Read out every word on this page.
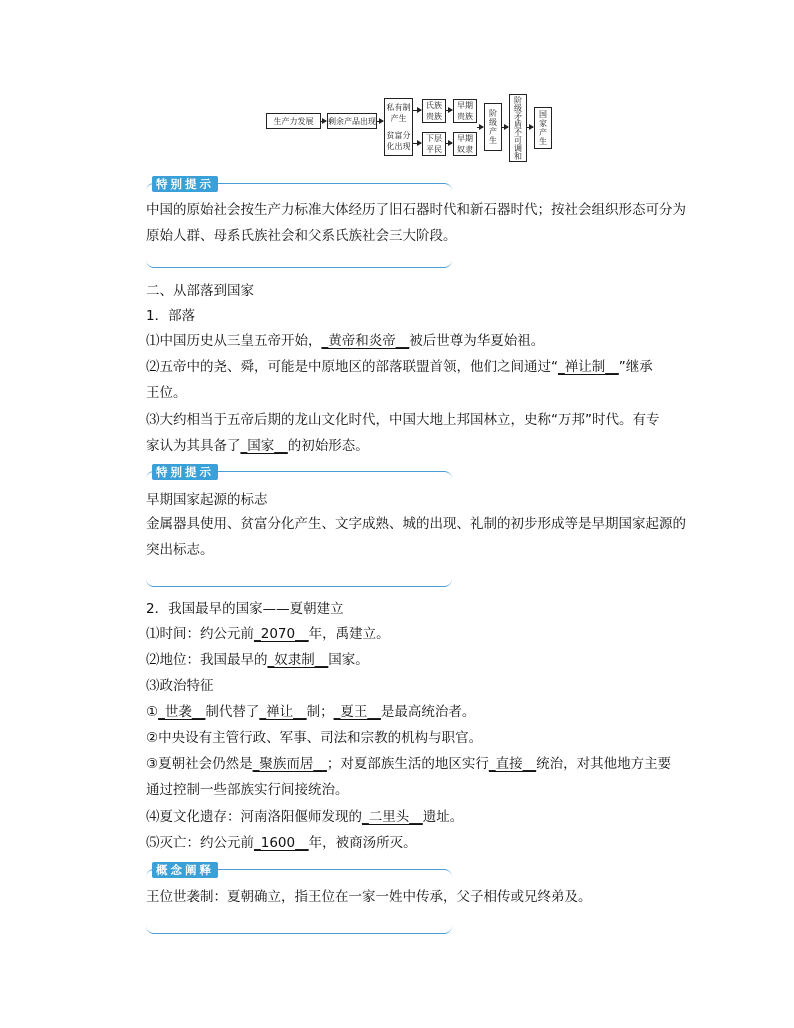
生产力发展	剩余产品出现
私有制产生
贫富分化出现
氏族贵族
下层平民
早期贵族
早期奴隶
阶级产生 阶级矛盾不可调和 国家产生
特别提示
中国的原始社会按生产力标准大体经历了旧石器时代和新石器时代；按社会组织形态可分为原始人群、母系氏族社会和父系氏族社会三大阶段。
二、从部落到国家
1．部落
⑴中国历史从三皇五帝开始，_黄帝和炎帝__被后世尊为华夏始祖。
⑵五帝中的尧、舜，可能是中原地区的部落联盟首领，他们之间通过“_禅让制__”继承
王位。
⑶大约相当于五帝后期的龙山文化时代，中国大地上邦国林立，史称“万邦”时代。有专
家认为其具备了_国家__的初始形态。
特别提示
早期国家起源的标志
金属器具使用、贫富分化产生、文字成熟、城的出现、礼制的初步形成等是早期国家起源的突出标志。
2．我国最早的国家——夏朝建立
⑴时间：约公元前_2070__年，禹建立。
⑵地位：我国最早的_奴隶制__国家。
⑶政治特征
①_世袭__制代替了_禅让__制；_夏王__是最高统治者。
②中央设有主管行政、军事、司法和宗教的机构与职官。
③夏朝社会仍然是_聚族而居__；对夏部族生活的地区实行_直接__统治，对其他地方主要
通过控制一些部族实行间接统治。
⑷夏文化遗存：河南洛阳偃师发现的_二里头__遗址。
⑸灭亡：约公元前_1600__年，被商汤所灭。
概念阐释
王位世袭制：夏朝确立，指王位在一家一姓中传承，父子相传或兄终弟及。
